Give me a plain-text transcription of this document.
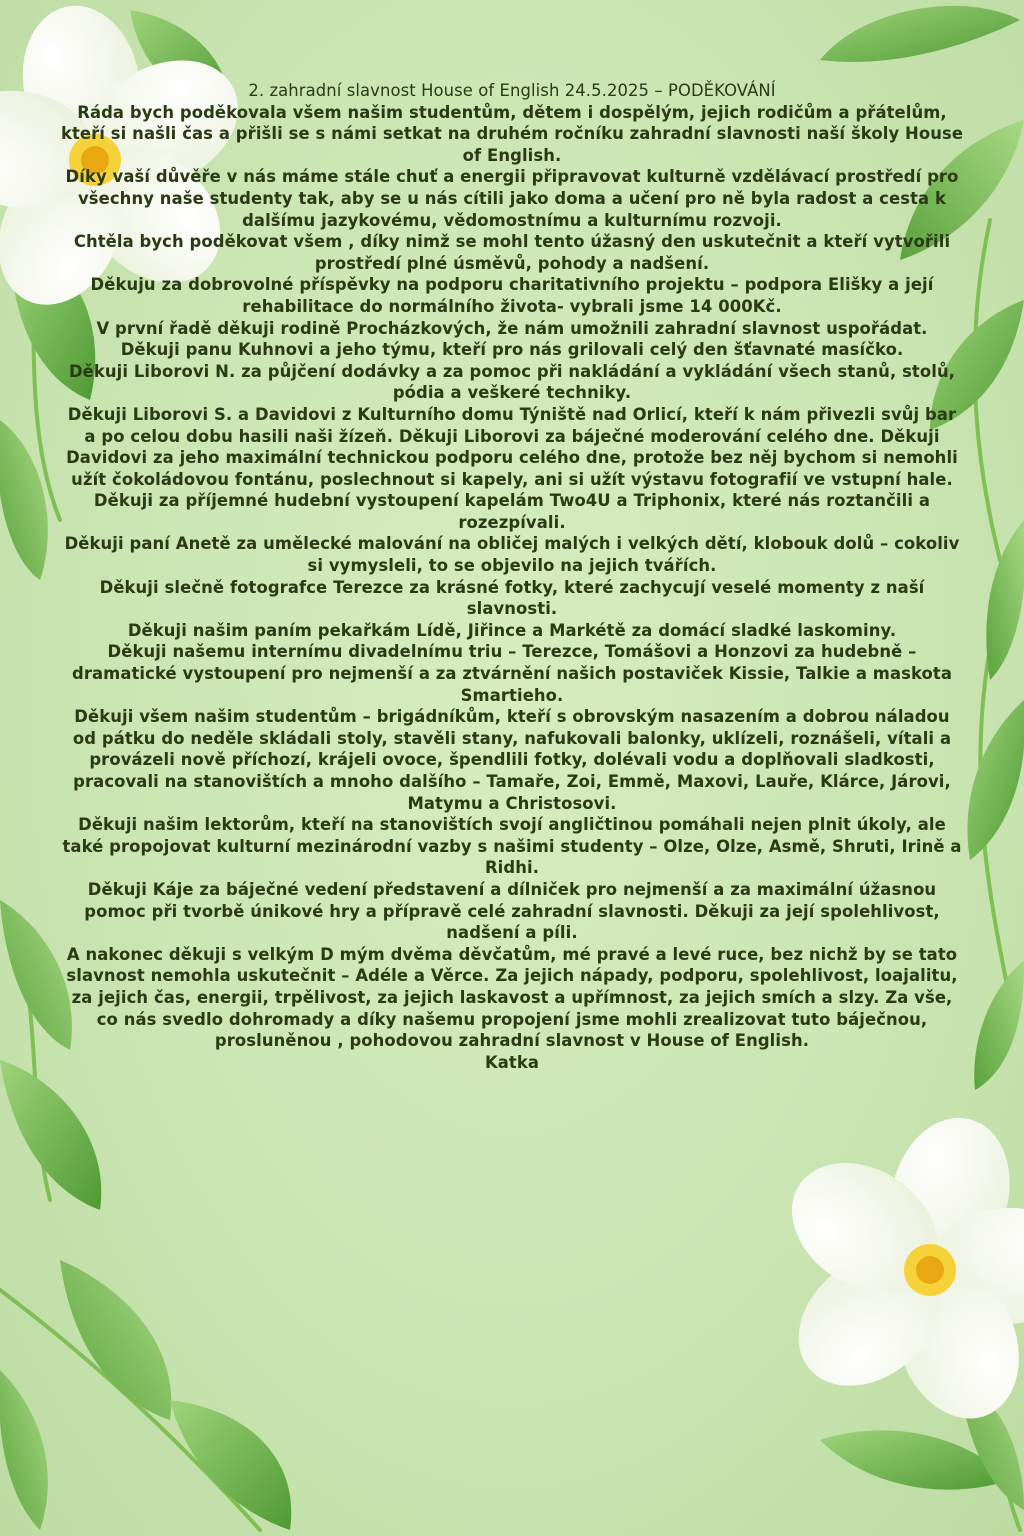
2. zahradní slavnost House of English 24.5.2025 – PODĚKOVÁNÍ

Ráda bych poděkovala všem našim studentům, dětem i dospělým, jejich rodičům a přátelům, kteří si našli čas a přišli se s námi setkat na druhém ročníku zahradní slavnosti naší školy House of English.

Díky vaší důvěře v nás máme stále chuť a energii připravovat kulturně vzdělávací prostředí pro všechny naše studenty tak, aby se u nás cítili jako doma a učení pro ně byla radost a cesta k dalšímu jazykovému, vědomostnímu a kulturnímu rozvoji.

Chtěla bych poděkovat všem , díky nimž se mohl tento úžasný den uskutečnit a kteří vytvořili prostředí plné úsměvů, pohody a nadšení.

Děkuju za dobrovolné příspěvky na podporu charitativního projektu – podpora Elišky a její rehabilitace do normálního života- vybrali jsme 14 000Kč.

V první řadě děkuji rodině Procházkových, že nám umožnili zahradní slavnost uspořádat.

Děkuji panu Kuhnovi a jeho týmu, kteří pro nás grilovali celý den šťavnaté masíčko.

Děkuji Liborovi N. za půjčení dodávky a za pomoc při nakládání a vykládání všech stanů, stolů, pódia a veškeré techniky.

Děkuji Liborovi S. a Davidovi z Kulturního domu Týniště nad Orlicí, kteří k nám přivezli svůj bar a po celou dobu hasili naši žízeň. Děkuji Liborovi za báječné moderování celého dne. Děkuji Davidovi za jeho maximální technickou podporu celého dne, protože bez něj bychom si nemohli užít čokoládovou fontánu, poslechnout si kapely, ani si užít výstavu fotografií ve vstupní hale.

Děkuji za příjemné hudební vystoupení kapelám Two4U a Triphonix, které nás roztančili a rozezpívali.

Děkuji paní Anetě za umělecké malování na obličej malých i velkých dětí, klobouk dolů – cokoliv si vymysleli, to se objevilo na jejich tvářích.

Děkuji slečně fotografce Terezce za krásné fotky, které zachycují veselé momenty z naší slavnosti.

Děkuji našim paním pekařkám Lídě, Jiřince a Markétě za domácí sladké laskominy.

Děkuji našemu internímu divadelnímu triu – Terezce, Tomášovi a Honzovi za hudebně – dramatické vystoupení pro nejmenší a za ztvárnění našich postaviček Kissie, Talkie a maskota Smartieho.

Děkuji všem našim studentům – brigádníkům, kteří s obrovským nasazením a dobrou náladou od pátku do neděle skládali stoly, stavěli stany, nafukovali balonky, uklízeli, roznášeli, vítali a provázeli nově příchozí, krájeli ovoce, špendlili fotky, dolévali vodu a doplňovali sladkosti, pracovali na stanovištích a mnoho dalšího – Tamaře, Zoi, Emmě, Maxovi, Lauře, Klárce, Járovi, Matymu a Christosovi.

Děkuji našim lektorům, kteří na stanovištích svojí angličtinou pomáhali nejen plnit úkoly, ale také propojovat kulturní mezinárodní vazby s našimi studenty – Olze, Olze, Asmě, Shruti, Irině a Ridhi.

Děkuji Káje za báječné vedení představení a dílniček pro nejmenší a za maximální úžasnou pomoc při tvorbě únikové hry a přípravě celé zahradní slavnosti. Děkuji za její spolehlivost, nadšení a píli.

A nakonec děkuji s velkým D mým dvěma děvčatům, mé pravé a levé ruce, bez nichž by se tato slavnost nemohla uskutečnit – Adéle a Věrce. Za jejich nápady, podporu, spolehlivost, loajalitu, za jejich čas, energii, trpělivost, za jejich laskavost a upřímnost, za jejich smích a slzy. Za vše, co nás svedlo dohromady a díky našemu propojení jsme mohli zrealizovat tuto báječnou, prosluněnou , pohodovou zahradní slavnost v House of English.

Katka
